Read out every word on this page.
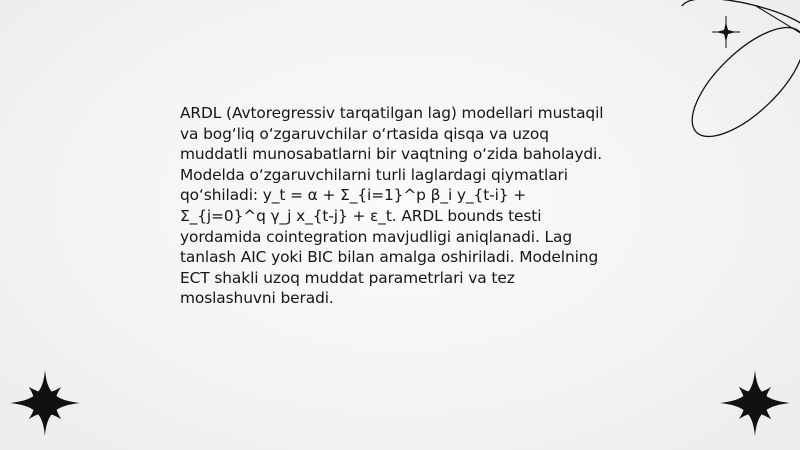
ARDL (Avtoregressiv tarqatilgan lag) modellari mustaqil va bog‘liq o‘zgaruvchilar o‘rtasida qisqa va uzoq muddatli munosabatlarni bir vaqtning o‘zida baholaydi. Modelda o‘zgaruvchilarni turli laglardagi qiymatlari qo‘shiladi: y_t = α + Σ_{i=1}^p β_i y_{t-i} + Σ_{j=0}^q γ_j x_{t-j} + ε_t. ARDL bounds testi yordamida cointegration mavjudligi aniqlanadi. Lag tanlash AIC yoki BIC bilan amalga oshiriladi. Modelning ECT shakli uzoq muddat parametrlari va tez moslashuvni beradi.
